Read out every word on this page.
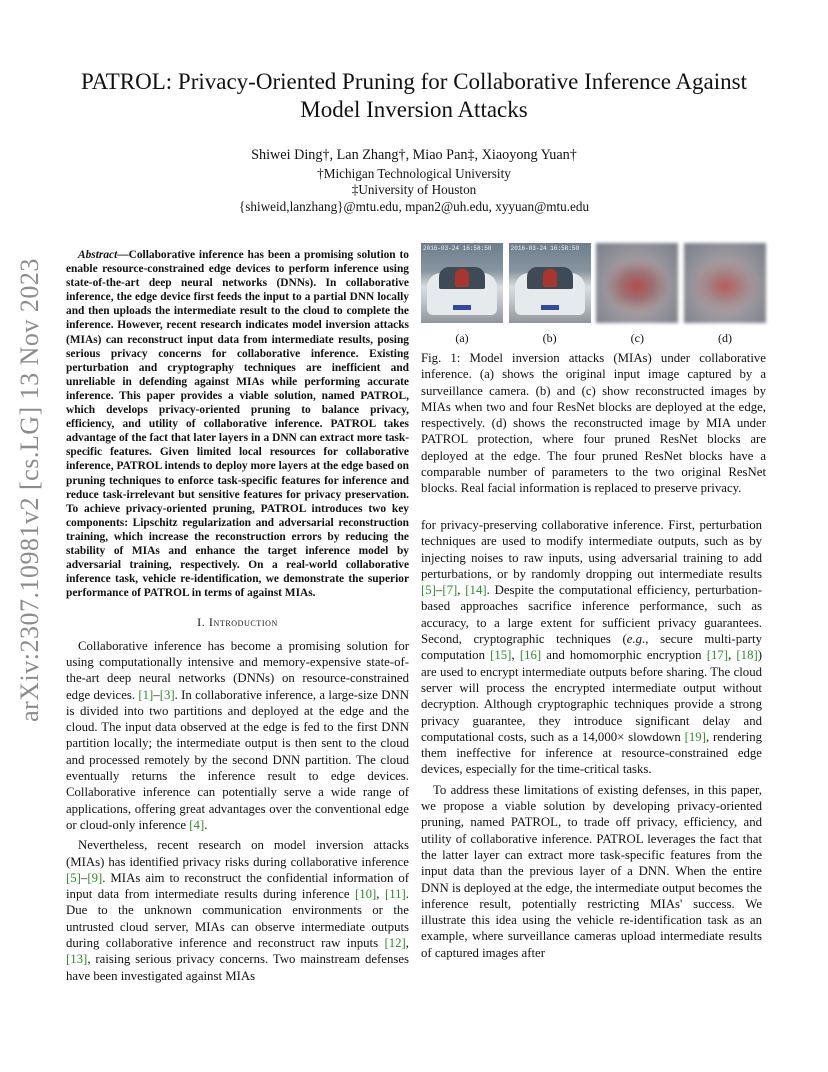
arXiv:2307.10981v2 [cs.LG] 13 Nov 2023
PATROL: Privacy-Oriented Pruning for Collaborative Inference Against Model Inversion Attacks
Shiwei Ding†, Lan Zhang†, Miao Pan‡, Xiaoyong Yuan†
†Michigan Technological University
‡University of Houston
{shiweid,lanzhang}@mtu.edu, mpan2@uh.edu, xyyuan@mtu.edu

Abstract—Collaborative inference has been a promising solution to enable resource-constrained edge devices to perform inference using state-of-the-art deep neural networks (DNNs). In collaborative inference, the edge device first feeds the input to a partial DNN locally and then uploads the intermediate result to the cloud to complete the inference. However, recent research indicates model inversion attacks (MIAs) can reconstruct input data from intermediate results, posing serious privacy concerns for collaborative inference. Existing perturbation and cryptography techniques are inefficient and unreliable in defending against MIAs while performing accurate inference. This paper provides a viable solution, named PATROL, which develops privacy-oriented pruning to balance privacy, efficiency, and utility of collaborative inference. PATROL takes advantage of the fact that later layers in a DNN can extract more task-specific features. Given limited local resources for collaborative inference, PATROL intends to deploy more layers at the edge based on pruning techniques to enforce task-specific features for inference and reduce task-irrelevant but sensitive features for privacy preservation. To achieve privacy-oriented pruning, PATROL introduces two key components: Lipschitz regularization and adversarial reconstruction training, which increase the reconstruction errors by reducing the stability of MIAs and enhance the target inference model by adversarial training, respectively. On a real-world collaborative inference task, vehicle re-identification, we demonstrate the superior performance of PATROL in terms of against MIAs.

I. Introduction

Collaborative inference has become a promising solution for using computationally intensive and memory-expensive state-of-the-art deep neural networks (DNNs) on resource-constrained edge devices. [1]–[3]. In collaborative inference, a large-size DNN is divided into two partitions and deployed at the edge and the cloud. The input data observed at the edge is fed to the first DNN partition locally; the intermediate output is then sent to the cloud and processed remotely by the second DNN partition. The cloud eventually returns the inference result to edge devices. Collaborative inference can potentially serve a wide range of applications, offering great advantages over the conventional edge or cloud-only inference [4].

Nevertheless, recent research on model inversion attacks (MIAs) has identified privacy risks during collaborative inference [5]–[9]. MIAs aim to reconstruct the confidential information of input data from intermediate results during inference [10], [11]. Due to the unknown communication environments or the untrusted cloud server, MIAs can observe intermediate outputs during collaborative inference and reconstruct raw inputs [12], [13], raising serious privacy concerns. Two mainstream defenses have been investigated against MIAs

2016-03-24 16:58:50
(a)
2016-03-24 16:58:50
(b)	(c)	(d)
Fig. 1: Model inversion attacks (MIAs) under collaborative inference. (a) shows the original input image captured by a surveillance camera. (b) and (c) show reconstructed images by MIAs when two and four ResNet blocks are deployed at the edge, respectively. (d) shows the reconstructed image by MIA under PATROL protection, where four pruned ResNet blocks are deployed at the edge. The four pruned ResNet blocks have a comparable number of parameters to the two original ResNet blocks. Real facial information is replaced to preserve privacy.

for privacy-preserving collaborative inference. First, perturbation techniques are used to modify intermediate outputs, such as by injecting noises to raw inputs, using adversarial training to add perturbations, or by randomly dropping out intermediate results [5]–[7], [14]. Despite the computational efficiency, perturbation-based approaches sacrifice inference performance, such as accuracy, to a large extent for sufficient privacy guarantees. Second, cryptographic techniques (e.g., secure multi-party computation [15], [16] and homomorphic encryption [17], [18]) are used to encrypt intermediate outputs before sharing. The cloud server will process the encrypted intermediate output without decryption. Although cryptographic techniques provide a strong privacy guarantee, they introduce significant delay and computational costs, such as a 14,000× slowdown [19], rendering them ineffective for inference at resource-constrained edge devices, especially for the time-critical tasks.

To address these limitations of existing defenses, in this paper, we propose a viable solution by developing privacy-oriented pruning, named PATROL, to trade off privacy, efficiency, and utility of collaborative inference. PATROL leverages the fact that the latter layer can extract more task-specific features from the input data than the previous layer of a DNN. When the entire DNN is deployed at the edge, the intermediate output becomes the inference result, potentially restricting MIAs' success. We illustrate this idea using the vehicle re-identification task as an example, where surveillance cameras upload intermediate results of captured images after
